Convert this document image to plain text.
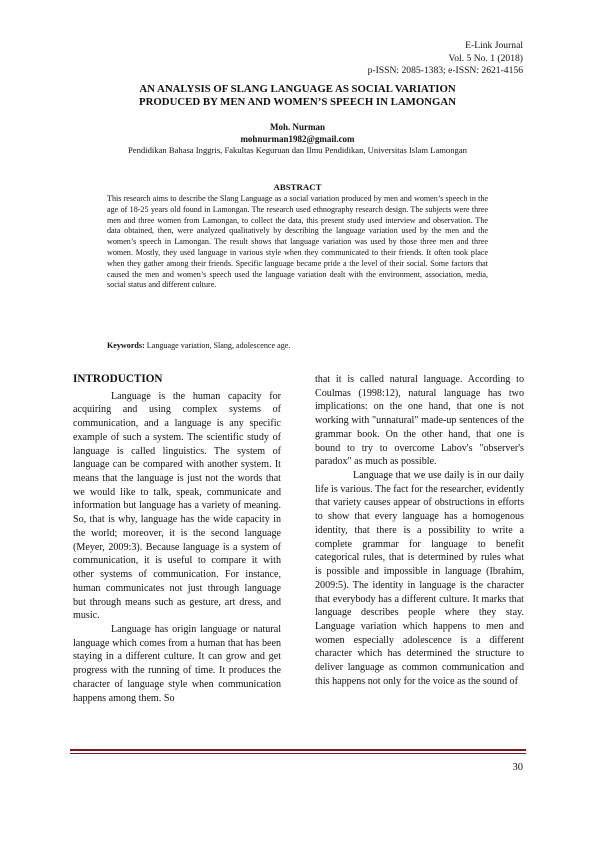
E-Link Journal
Vol. 5 No. 1 (2018)
p-ISSN: 2085-1383; e-ISSN: 2621-4156
AN ANALYSIS OF SLANG LANGUAGE AS SOCIAL VARIATION
PRODUCED BY MEN AND WOMEN’S SPEECH IN LAMONGAN
Moh. Nurman
mohnurman1982@gmail.com
Pendidikan Bahasa Inggris, Fakultas Keguruan dan Ilmu Pendidikan, Universitas Islam Lamongan
ABSTRACT
This research aims to describe the Slang Language as a social variation produced by men and women’s speech in the age of 18-25 years old found in Lamongan. The research used ethnography research design. The subjects were three men and three women from Lamongan, to collect the data, this present study used interview and observation. The data obtained, then, were analyzed qualitatively by describing the language variation used by the men and the women’s speech in Lamongan. The result shows that language variation was used by those three men and three women. Mostly, they used language in various style when they communicated to their friends. It often took place when they gather among their friends. Specific language became pride a the level of their social. Some factors that caused the men and women’s speech used the language variation dealt with the environment, association, media, social status and different culture.
Keywords: Language variation, Slang, adolescence age.
INTRODUCTION

Language is the human capacity for acquiring and using complex systems of communication, and a language is any specific example of such a system. The scientific study of language is called linguistics. The system of language can be compared with another system. It means that the language is just not the words that we would like to talk, speak, communicate and information but language has a variety of meaning. So, that is why, language has the wide capacity in the world; moreover, it is the second language (Meyer, 2009:3). Because language is a system of communication, it is useful to compare it with other systems of communication. For instance, human communicates not just through language but through means such as gesture, art dress, and music.

Language has origin language or natural language which comes from a human that has been staying in a different culture. It can grow and get progress with the running of time. It produces the character of language style when communication happens among them. So

that it is called natural language. According to Coulmas (1998:12), natural language has two implications: on the one hand, that one is not working with "unnatural" made-up sentences of the grammar book. On the other hand, that one is bound to try to overcome Labov's "observer's paradox" as much as possible.

Language that we use daily is in our daily life is various. The fact for the researcher, evidently that variety causes appear of obstructions in efforts to show that every language has a homogenous identity, that there is a possibility to write a complete grammar for language to benefit categorical rules, that is determined by rules what is possible and impossible in language (Ibrahim, 2009:5). The identity in language is the character that everybody has a different culture. It marks that language describes people where they stay. Language variation which happens to men and women especially adolescence is a different character which has determined the structure to deliver language as common communication and this happens not only for the voice as the sound of

30
